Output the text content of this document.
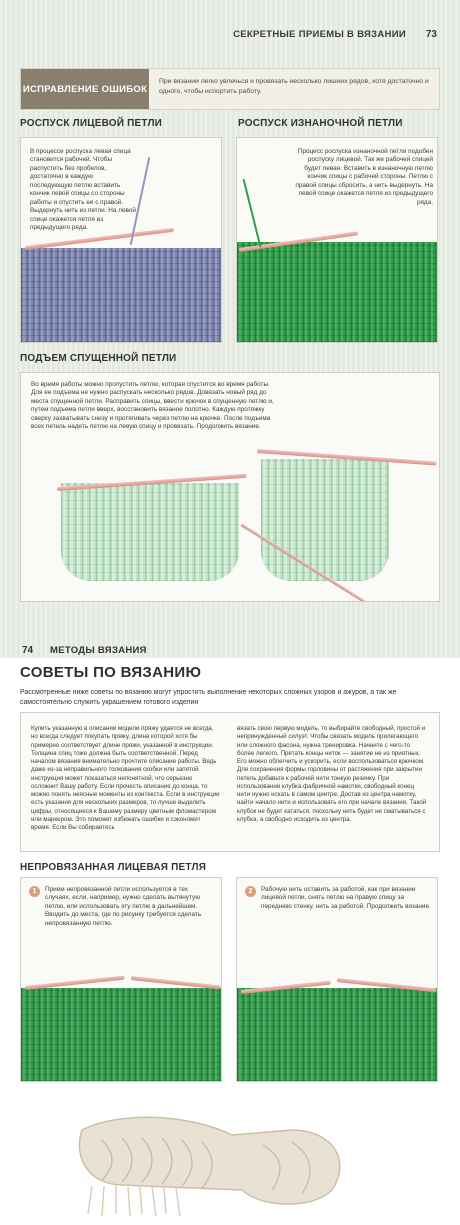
СЕКРЕТНЫЕ ПРИЕМЫ В ВЯЗАНИИ 73
ИСПРАВЛЕНИЕ ОШИБОК
При вязании легко увлечься и провязать несколько лишних рядов, хотя достаточно и одного, чтобы испортить работу.
РОСПУСК ЛИЦЕВОЙ ПЕТЛИ	РОСПУСК ИЗНАНОЧНОЙ ПЕТЛИ
В процессе роспуска левая спица становится рабочей. Чтобы распустить без пробелов, достаточно в каждую последующую петлю вставить кончик левой спицы со стороны работы и спустить ее с правой. Выдернуть нить из петли. На левой спице окажется петля из предыдущего ряда.
Процесс роспуска изнаночной петли подобен роспуску лицевой. Так же рабочей спицей будет левая. Вставить в изнаночную петлю кончик спицы с рабочей стороны. Петлю с правой спицы сбросить, а нить выдернуть. На левой спице окажется петля из предыдущего ряда.
ПОДЪЕМ СПУЩЕННОЙ ПЕТЛИ
Во время работы можно пропустить петлю, которая спустится во время работы. Для ее подъема не нужно распускать несколько рядов. Довязать новый ряд до места спущенной петли. Расправить спицы, ввести крючок в спущенную петлю и, путем подъема петли вверх, восстановить вязаное полотно. Каждую протяжку сверху захватывать снизу и протягивать через петлю на крючке. После подъема всех петель надеть петлю на левую спицу и провязать. Продолжить вязание.
74 МЕТОДЫ ВЯЗАНИЯ
СОВЕТЫ ПО ВЯЗАНИЮ
Рассмотренные ниже советы по вязанию могут упростить выполнение некоторых сложных узоров и ажуров, а так же самостоятельно служить украшением готового изделия
Купить указанную в описании модели пряжу удается не всегда, но всегда следует покупать пряжу, длина которой хотя бы примерно соответствует длине пряжи, указанной в инструкции. Толщина спиц тоже должна быть соответственной. Перед началом вязания внимательно прочтите описание работы. Ведь даже из-за неправильного толкования скобки или запятой инструкция может показаться непонятной, что серьезно осложнит Вашу работу. Если прочесть описание до конца, то можно понять неясные моменты из контекста. Если в инструкции есть указания для нескольких размеров, то лучше выделить цифры, относящиеся к Вашему размеру цветным фломастером или маркером. Это поможет избежать ошибки и сэкономит время. Если Вы собираетесь
вязать свою первую модель, то выбирайте свободный, простой и непринужденный силуэт. Чтобы связать модель прилегающего или сложного фасона, нужна тренировка. Начните с чего-то более легкого. Прятать концы ниток — занятие не из приятных. Его можно облегчить и ускорить, если воспользоваться крючком. Для сохранения формы горловины от растяжения при закрытии петель добавьте к рабочей нити тонкую резинку. При использовании клубка фабричной намотки, свободный конец нити нужно искать в самом центре. Достав из центра намотку, найти начало нити и использовать его при начале вязания. Такой клубок не будет кататься, поскольку нить будет не сматываться с клубка, а свободно исходить из центра.
НЕПРОВЯЗАННАЯ ЛИЦЕВАЯ ПЕТЛЯ
1	Прием непровязанной петли используется в тех случаях, если, например, нужно сделать вытянутую петлю, или использовать эту петлю в дальнейшем. Вводить до места, где по рисунку требуется сделать непровязанную петлю.
2	Рабочую нить оставить за работой, как при вязании лицевой петли, снять петлю на правую спицу за переднюю стенку, нить за работой. Продолжить вязание.
